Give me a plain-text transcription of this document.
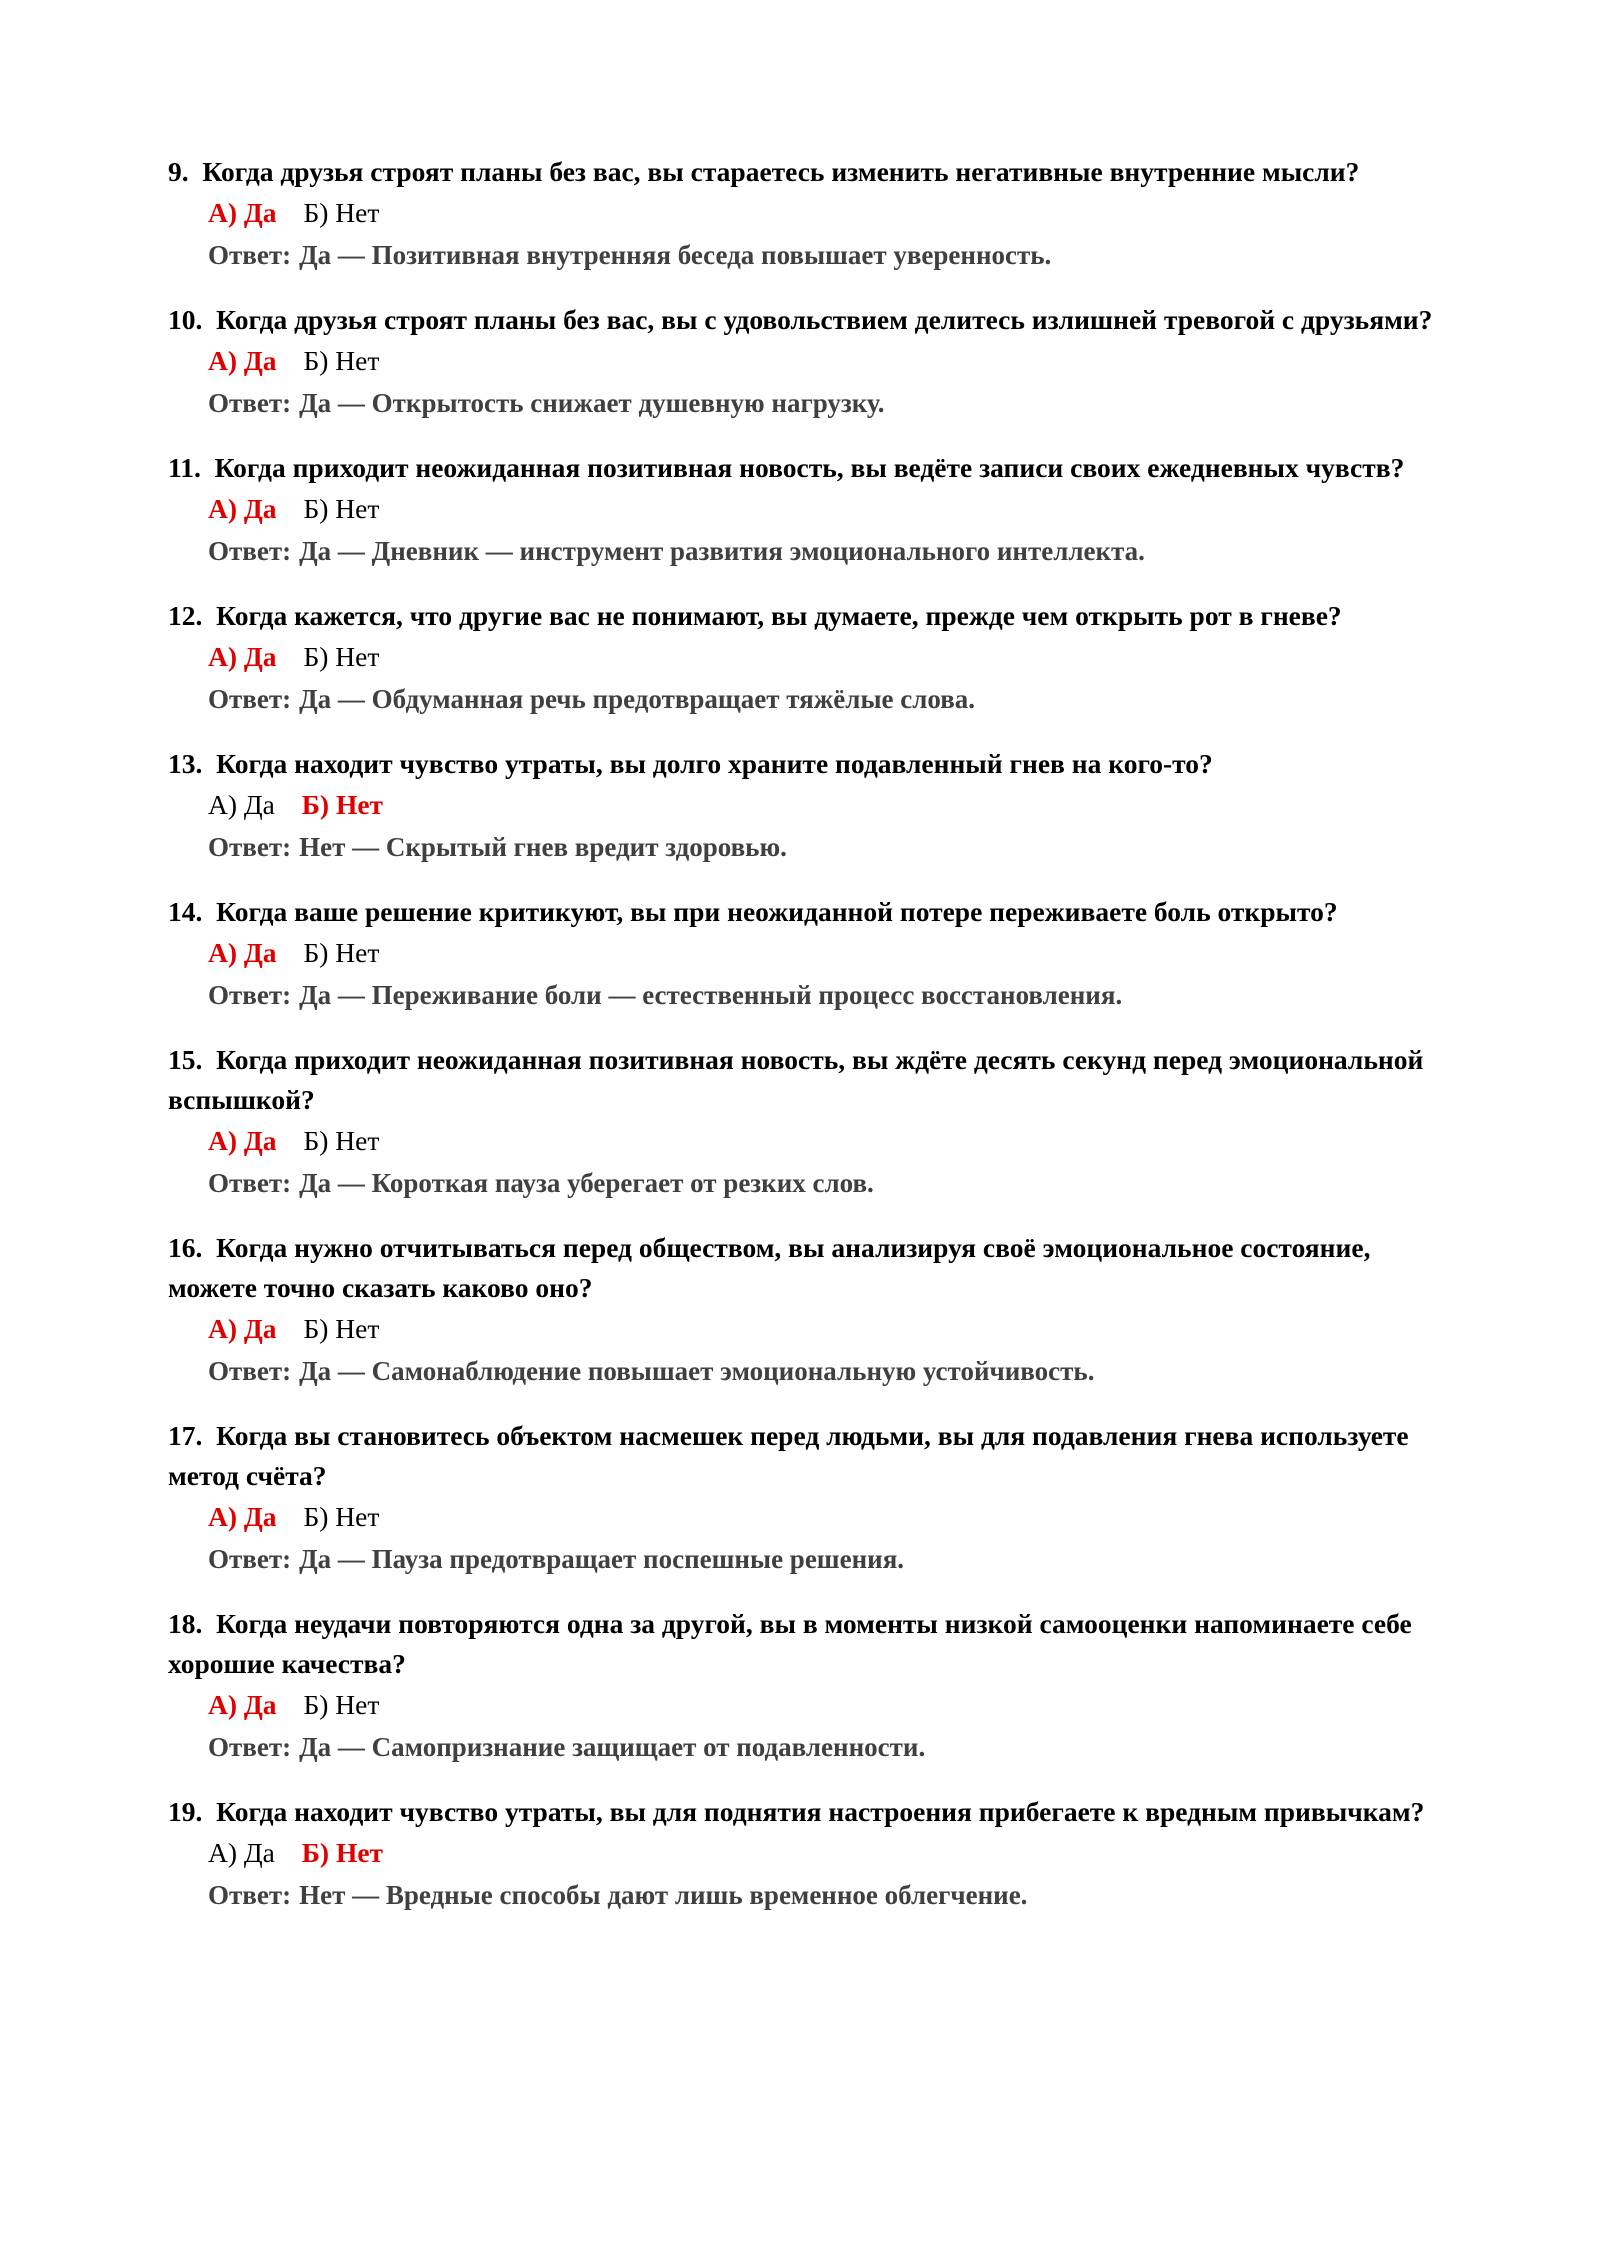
9. Когда друзья строят планы без вас, вы стараетесь изменить негативные внутренние мысли?
А) Да Б) Нет
Ответ: Да — Позитивная внутренняя беседа повышает уверенность.
10. Когда друзья строят планы без вас, вы с удовольствием делитесь излишней тревогой с друзьями?
А) Да Б) Нет
Ответ: Да — Открытость снижает душевную нагрузку.
11. Когда приходит неожиданная позитивная новость, вы ведёте записи своих ежедневных чувств?
А) Да Б) Нет
Ответ: Да — Дневник — инструмент развития эмоционального интеллекта.
12. Когда кажется, что другие вас не понимают, вы думаете, прежде чем открыть рот в гневе?
А) Да Б) Нет
Ответ: Да — Обдуманная речь предотвращает тяжёлые слова.
13. Когда находит чувство утраты, вы долго храните подавленный гнев на кого-то?
А) Да Б) Нет
Ответ: Нет — Скрытый гнев вредит здоровью.
14. Когда ваше решение критикуют, вы при неожиданной потере переживаете боль открыто?
А) Да Б) Нет
Ответ: Да — Переживание боли — естественный процесс восстановления.
15. Когда приходит неожиданная позитивная новость, вы ждёте десять секунд перед эмоциональной вспышкой?
А) Да Б) Нет
Ответ: Да — Короткая пауза уберегает от резких слов.
16. Когда нужно отчитываться перед обществом, вы анализируя своё эмоциональное состояние, можете точно сказать каково оно?
А) Да Б) Нет
Ответ: Да — Самонаблюдение повышает эмоциональную устойчивость.
17. Когда вы становитесь объектом насмешек перед людьми, вы для подавления гнева используете метод счёта?
А) Да Б) Нет
Ответ: Да — Пауза предотвращает поспешные решения.
18. Когда неудачи повторяются одна за другой, вы в моменты низкой самооценки напоминаете себе хорошие качества?
А) Да Б) Нет
Ответ: Да — Самопризнание защищает от подавленности.
19. Когда находит чувство утраты, вы для поднятия настроения прибегаете к вредным привычкам?
А) Да Б) Нет
Ответ: Нет — Вредные способы дают лишь временное облегчение.
